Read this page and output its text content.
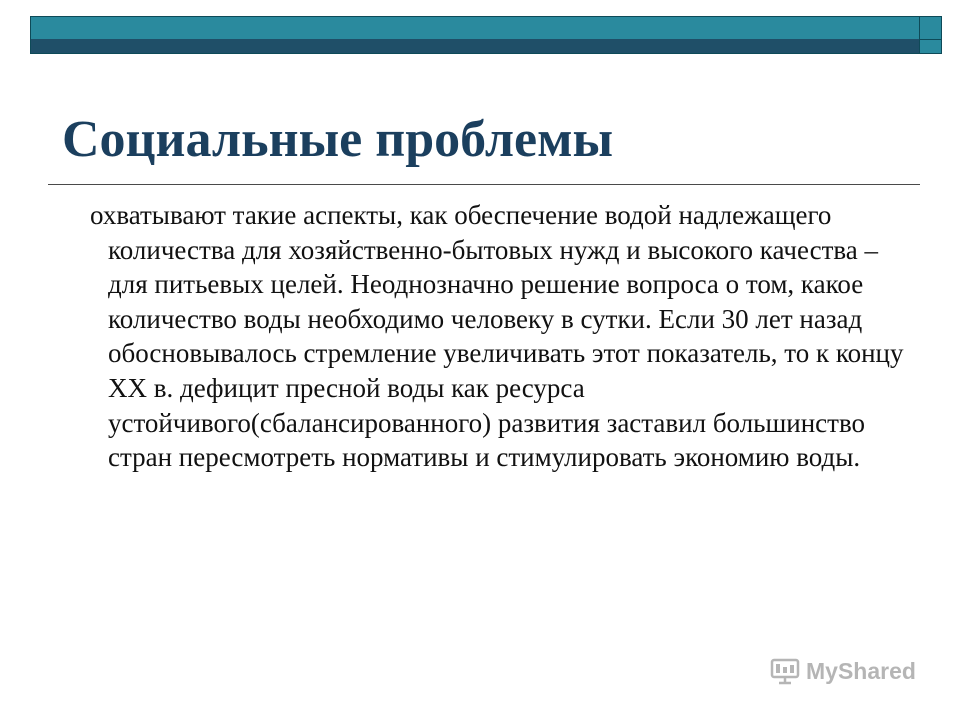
Социальные проблемы

охватывают такие аспекты, как обеспечение водой надлежащего количества для хозяйственно-бытовых нужд и высокого качества – для питьевых целей. Неоднозначно решение вопроса о том, какое количество воды необходимо человеку в сутки. Если 30 лет назад обосновывалось стремление увеличивать этот показатель, то к концу XX в. дефицит пресной воды как ресурса устойчивого(сбалансированного) развития заставил большинство стран пересмотреть нормативы и стимулировать экономию воды.

MyShared
